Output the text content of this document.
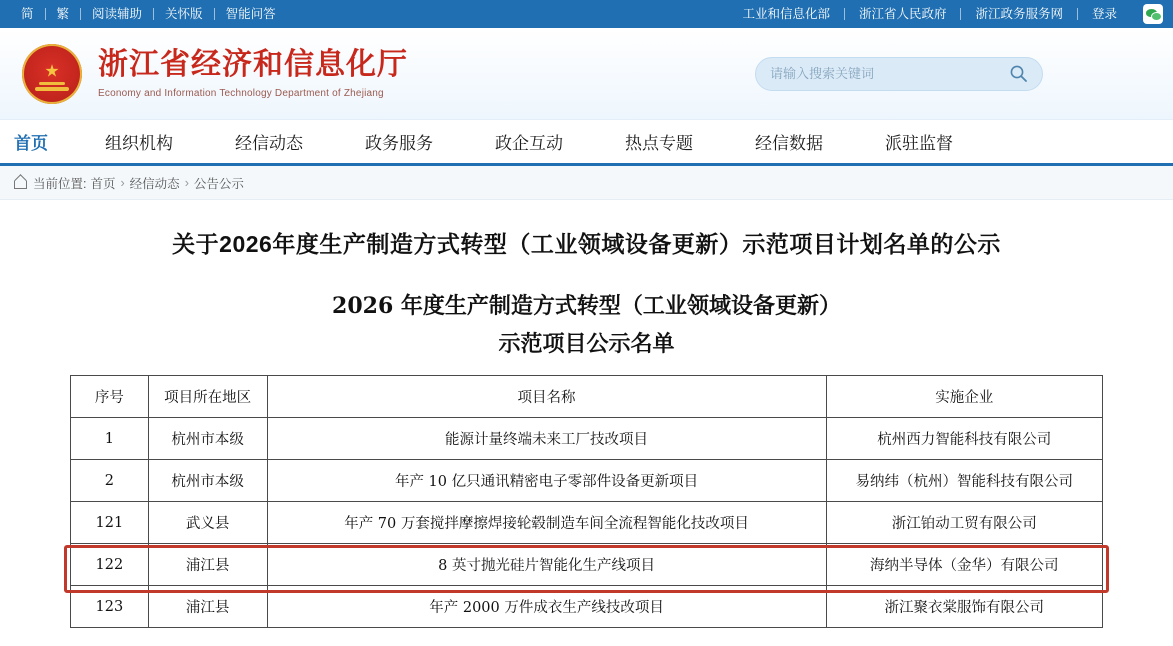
简	繁	阅读辅助	关怀版	智能问答	工业和信息化部	浙江省人民政府	浙江政务服务网	登录
★ 浙江省经济和信息化厅
Economy and Information Technology Department of Zhejiang
请输入搜索关键词
首页	组织机构	经信动态	政务服务	政企互动	热点专题	经信数据	派驻监督
当前位置: 首页 › 经信动态 › 公告公示
关于2026年度生产制造方式转型（工业领域设备更新）示范项目计划名单的公示
2026 年度生产制造方式转型（工业领域设备更新）
示范项目公示名单
序号	项目所在地区	项目名称	实施企业
1	杭州市本级	能源计量终端未来工厂技改项目	杭州西力智能科技有限公司
2	杭州市本级	年产 10 亿只通讯精密电子零部件设备更新项目	易纳纬（杭州）智能科技有限公司
121	武义县	年产 70 万套搅拌摩擦焊接轮毂制造车间全流程智能化技改项目	浙江铂动工贸有限公司
122	浦江县	8 英寸抛光硅片智能化生产线项目	海纳半导体（金华）有限公司
123	浦江县	年产 2000 万件成衣生产线技改项目	浙江聚衣棠服饰有限公司
